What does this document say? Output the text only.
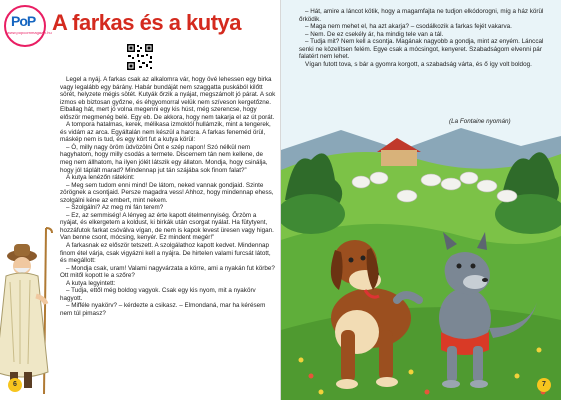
PoP
www.popcornmagazin.hu A farkas és a kutya

Legel a nyáj. A farkas csak az alkalomra vár, hogy övé lehessen egy birka vagy legalább egy bárány. Habár bundáját nem szaggatta puskából kilőtt sörét, helyzete mégis sötét. Kutyák őrzik a nyájat, megszámolt jó párat. A sok izmos eb biztosan győzne, és éhgyomorral velük nem szíveson kergetőzne. Elballag hát, mert jó volna megenni egy kis húst, még szerencse, hogy először megmenég belé. Egy eb. De akkora, hogy nem takarja el az út porát.

A tompora hatalmas, kerek, mélikasa izmoktól hullámzik, mint a tengerek, és vidám az arca. Egyáltalán nem készül a harcra. A farkas feneméd örül, máskép nem is tud, és egy kört fut a kutya körül:

– Ó, milly nagy öröm üdvözölni Önt e szép napon! Szó nélkül nem hagyhatom, hogy milly csodás a termete. Discernem tán nem kellene, de meg nem állhatom, ha ilyen jólét látszik egy állaton. Mondja, hogy csinálja, hogy jól táplált marad? Mindennap jut tán szájába sok finom falat?”

A kutya lenézőn rátekint:

– Meg sem tudom enni mind! De látom, neked vannak gondjaid. Szinte zörögnek a csontjaid. Persze magadra vess! Ahhoz, hogy mindennap ehess, szolgálni kéne az embert, mint nekem.

– Szolgálni? Az meg mi fán terem?

– Ez, az semmiség! A lényeg az érte kapott ételmennyiség. Őrzöm a nyájat, és elkergetem a koldust, ki birkák után csorgat nyálat. Ha fütytyent, hozzáfutok farkat csóválva vígan, de nem is kapok levest üresen vagy higan. Van benne csont, mócsing, kenyér. Ez mindent megér!”

A farkasnak ez először tetszett. A szolgálathoz kapott kedvet. Mindennap finom étel várja, csak vigyázni kell a nyájra. De hirtelen valami furcsát látott, és megállott:

– Mondja csak, uram! Valami nagyvárzata a körre, ami a nyakán fut körbe? Ott mitől kopott le a szőre?

A kutya legyintett:

– Tudja, ettől még boldog vagyok. Csak egy kis nyom, mit a nyakörv hagyott.

– Mifféle nyakörv? – kérdezte a csikasz. – Elmondaná, mar ha kérésem nem túl pimasz?

6

– Hát, amire a láncot kötik, hogy a magamfajta ne tudjon elkódorogni, míg a ház körül őrködik.

– Maga nem mehet el, ha azt akarja? – csodálkozik a farkas fejét vakarva.

– Nem. De ez csekély ár, ha mindig tele van a tál.

– Tudja mit? Nem kell a csontja. Magának nagyobb a gondja, mint az enyém. Lánccal senki ne közelítsen felém. Egye csak a mócsingot, kenyeret. Szabadságom elvenni pár falatért nem lehet.

Vígan futott tova, s bár a gyomra korgott, a szabadság várta, és ő így volt boldog.

(La Fontaine nyomán)
7
